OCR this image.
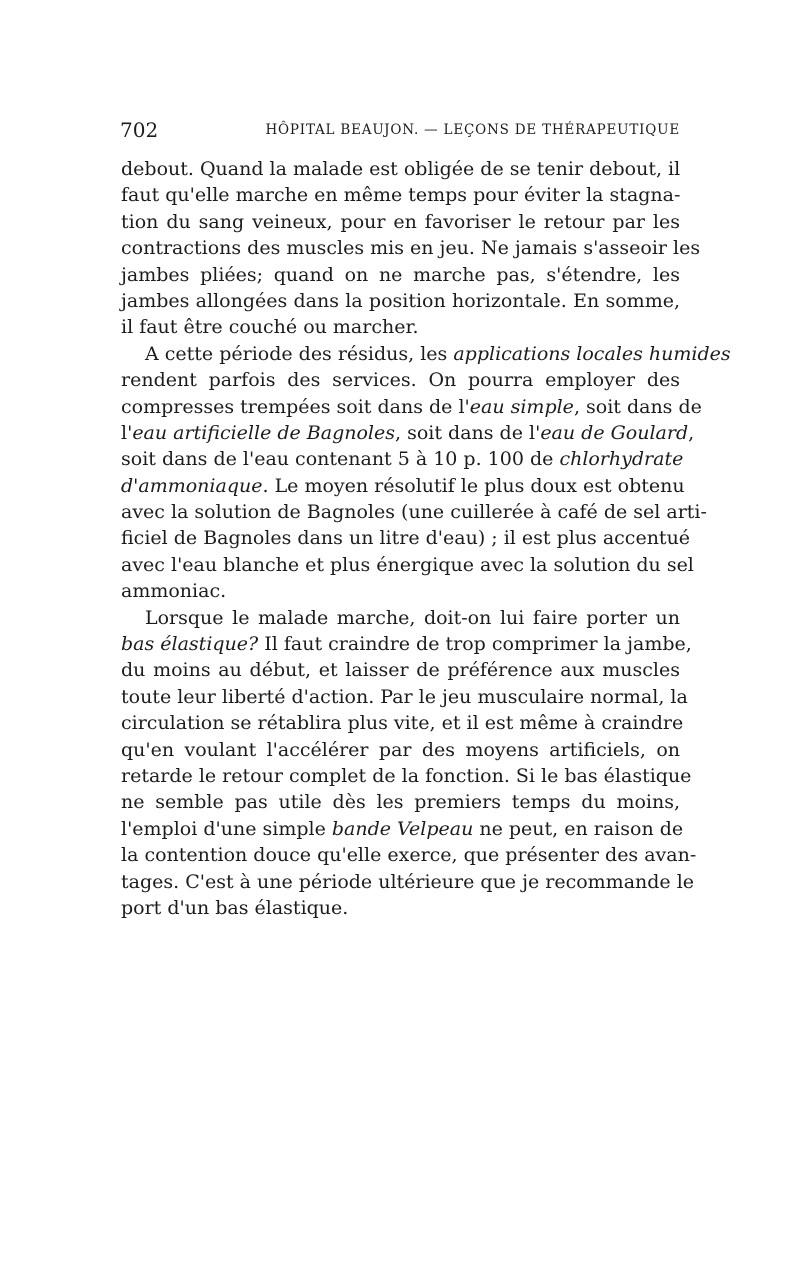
702	HÔPITAL BEAUJON. — LEÇONS DE THÉRAPEUTIQUE
debout. Quand la malade est obligée de se tenir debout, il
faut qu'elle marche en même temps pour éviter la stagna-
tion du sang veineux, pour en favoriser le retour par les
contractions des muscles mis en jeu. Ne jamais s'asseoir les
jambes pliées; quand on ne marche pas, s'étendre, les
jambes allongées dans la position horizontale. En somme,
il faut être couché ou marcher.
A cette période des résidus, les applications locales humides
rendent parfois des services. On pourra employer des
compresses trempées soit dans de l'eau simple, soit dans de
l'eau artificielle de Bagnoles, soit dans de l'eau de Goulard,
soit dans de l'eau contenant 5 à 10 p. 100 de chlorhydrate
d'ammoniaque. Le moyen résolutif le plus doux est obtenu
avec la solution de Bagnoles (une cuillerée à café de sel arti-
ficiel de Bagnoles dans un litre d'eau) ; il est plus accentué
avec l'eau blanche et plus énergique avec la solution du sel
ammoniac.
Lorsque le malade marche, doit-on lui faire porter un
bas élastique? Il faut craindre de trop comprimer la jambe,
du moins au début, et laisser de préférence aux muscles
toute leur liberté d'action. Par le jeu musculaire normal, la
circulation se rétablira plus vite, et il est même à craindre
qu'en voulant l'accélérer par des moyens artificiels, on
retarde le retour complet de la fonction. Si le bas élastique
ne semble pas utile dès les premiers temps du moins,
l'emploi d'une simple bande Velpeau ne peut, en raison de
la contention douce qu'elle exerce, que présenter des avan-
tages. C'est à une période ultérieure que je recommande le
port d'un bas élastique.
